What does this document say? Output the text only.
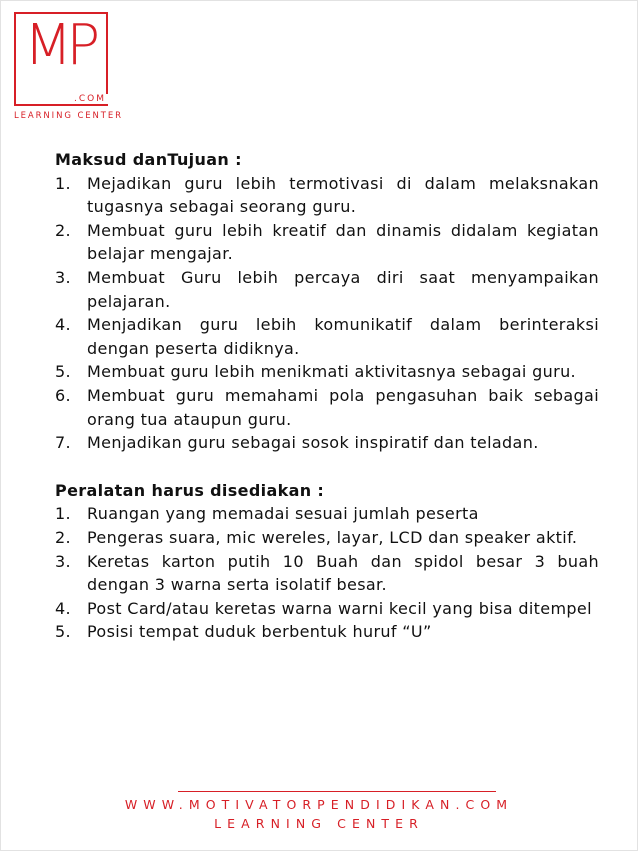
MP
.COM
LEARNING CENTER

Maksud danTujuan :

1.	Mejadikan guru lebih termotivasi di dalam melaksnakan tugasnya sebagai seorang guru.
2.	Membuat guru lebih kreatif dan dinamis didalam kegiatan belajar mengajar.
3.	Membuat Guru lebih percaya diri saat menyampaikan pelajaran.
4.	Menjadikan guru lebih komunikatif dalam berinteraksi dengan peserta didiknya.
5.	Membuat guru lebih menikmati aktivitasnya sebagai guru.
6.	Membuat guru memahami pola pengasuhan baik sebagai orang tua ataupun guru.
7.	Menjadikan guru sebagai sosok inspiratif dan teladan.

Peralatan harus disediakan :

1.	Ruangan yang memadai sesuai jumlah peserta
2.	Pengeras suara, mic wereles, layar, LCD dan speaker aktif.
3.	Keretas karton putih 10 Buah dan spidol besar 3 buah dengan 3 warna serta isolatif besar.
4.	Post Card/atau keretas warna warni kecil yang bisa ditempel
5.	Posisi tempat duduk berbentuk huruf “U”
WWW.MOTIVATORPENDIDIKAN.COM
LEARNING CENTER
